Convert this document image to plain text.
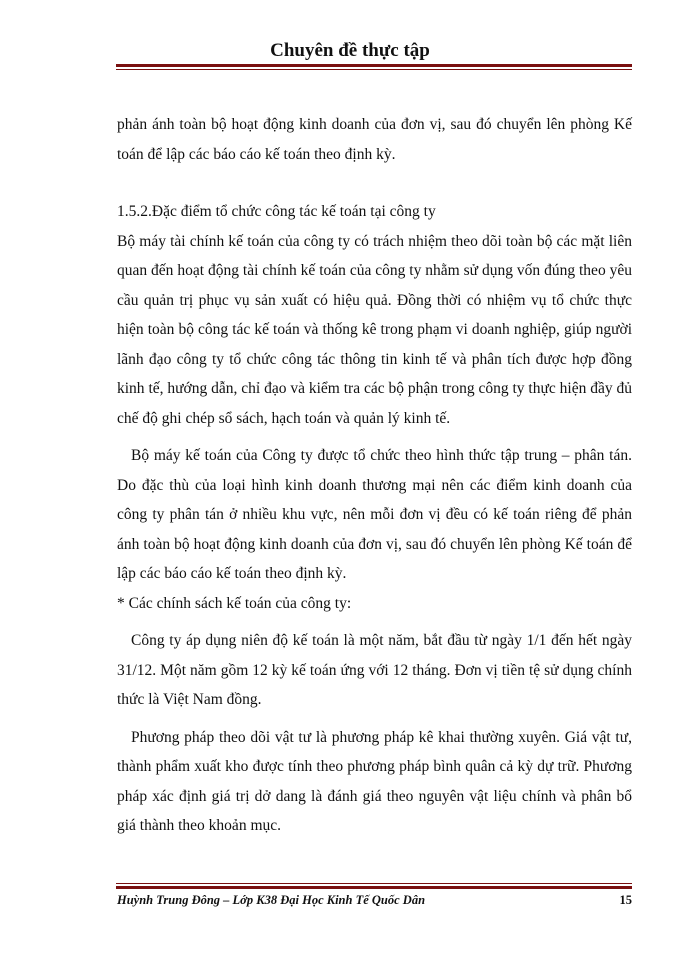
Chuyên đề thực tập

phản ánh toàn bộ hoạt động kinh doanh của đơn vị, sau đó chuyển lên phòng Kế toán để lập các báo cáo kế toán theo định kỳ.

1.5.2.Đặc điểm tổ chức công tác kế toán tại công ty

Bộ máy tài chính kế toán của công ty có trách nhiệm theo dõi toàn bộ các mặt liên quan đến hoạt động tài chính kế toán của công ty nhằm sử dụng vốn đúng theo yêu cầu quản trị phục vụ sản xuất có hiệu quả. Đồng thời có nhiệm vụ tổ chức thực hiện toàn bộ công tác kế toán và thống kê trong phạm vi doanh nghiệp, giúp người lãnh đạo công ty tổ chức công tác thông tin kinh tế và phân tích được hợp đồng kinh tế, hướng dẫn, chỉ đạo và kiểm tra các bộ phận trong công ty thực hiện đầy đủ chế độ ghi chép sổ sách, hạch toán và quản lý kinh tế.

Bộ máy kế toán của Công ty được tổ chức theo hình thức tập trung – phân tán. Do đặc thù của loại hình kinh doanh thương mại nên các điểm kinh doanh của công ty phân tán ở nhiều khu vực, nên mỗi đơn vị đều có kế toán riêng để phản ánh toàn bộ hoạt động kinh doanh của đơn vị, sau đó chuyển lên phòng Kế toán để lập các báo cáo kế toán theo định kỳ.

* Các chính sách kế toán của công ty:

Công ty áp dụng niên độ kế toán là một năm, bắt đầu từ ngày 1/1 đến hết ngày 31/12. Một năm gồm 12 kỳ kế toán ứng với 12 tháng. Đơn vị tiền tệ sử dụng chính thức là Việt Nam đồng.

Phương pháp theo dõi vật tư là phương pháp kê khai thường xuyên. Giá vật tư, thành phẩm xuất kho được tính theo phương pháp bình quân cả kỳ dự trữ. Phương pháp xác định giá trị dở dang là đánh giá theo nguyên vật liệu chính và phân bổ giá thành theo khoản mục.

Huỳnh Trung Đông – Lớp K38 Đại Học Kinh Tế Quốc Dân	15
